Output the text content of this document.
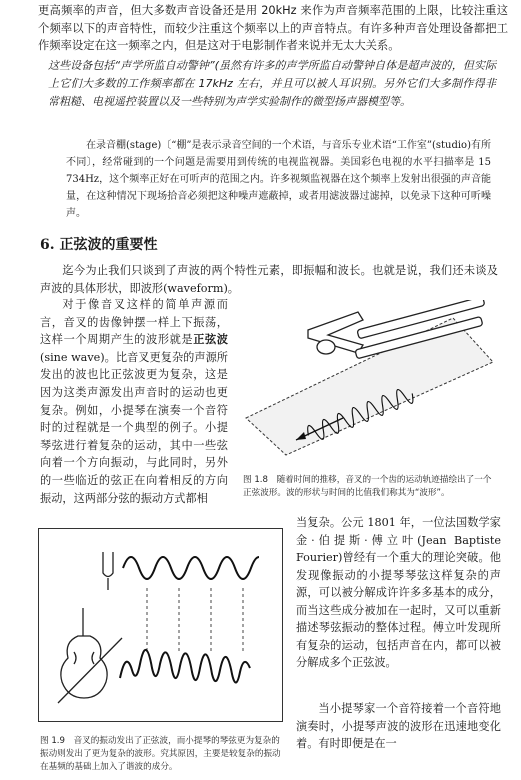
更高频率的声音，但大多数声音设备还是用 20kHz 来作为声音频率范围的上限，比较注重这个频率以下的声音特性，而较少注重这个频率以上的声音特点。有许多种声音处理设备都把工作频率设定在这一频率之内，但是这对于电影制作者来说并无太大关系。

这些设备包括“声学所监自动警钟”(虽然有许多的声学所监自动警钟自体是超声波的，但实际上它们大多数的工作频率都在 17kHz 左右，并且可以被人耳识别。另外它们大多制作得非常粗糙、电视遥控装置以及一些特别为声学实验制作的微型扬声器模型等。

在录音棚(stage)〔“棚”是表示录音空间的一个术语，与音乐专业术语“工作室”(studio)有所不同〕，经常碰到的一个问题是需要用到传统的电视监视器。美国彩色电视的水平扫描率是 15 734Hz，这个频率正好在可听声的范围之内。许多视频监视器在这个频率上发射出很强的声音能量，在这种情况下现场拾音必须把这种噪声遮蔽掉，或者用滤波器过滤掉，以免录下这种可听噪声。

6. 正弦波的重要性

迄今为止我们只谈到了声波的两个特性元素，即振幅和波长。也就是说，我们还未谈及声波的具体形状，即波形(waveform)。

对于像音叉这样的简单声源而言，音叉的齿像钟摆一样上下振荡，这样一个周期产生的波形就是正弦波(sine wave)。比音叉更复杂的声源所发出的波也比正弦波更为复杂，这是因为这类声源发出声音时的运动也更复杂。例如，小提琴在演奏一个音符时的过程就是一个典型的例子。小提琴弦进行着复杂的运动，其中一些弦向着一个方向振动，与此同时，另外的一些临近的弦正在向着相反的方向振动，这两部分弦的振动方式都相

图 1.8　随着时间的推移，音叉的一个齿的运动轨迹描绘出了一个正弦波形。波的形状与时间的比值我们称其为“波形”。

图 1.9　音叉的振动发出了正弦波，而小提琴的琴弦更为复杂的振动则发出了更为复杂的波形。究其原因，主要是较复杂的振动在基频的基础上加入了谐波的成分。

当复杂。公元 1801 年，一位法国数学家金·伯提斯·傅立叶(Jean Baptiste Fourier)曾经有一个重大的理论突破。他发现像振动的小提琴琴弦这样复杂的声源，可以被分解成许许多多基本的成分，而当这些成分被加在一起时，又可以重新描述琴弦振动的整体过程。傅立叶发现所有复杂的运动，包括声音在内，都可以被分解成多个正弦波。

当小提琴家一个音符接着一个音符地演奏时，小提琴声波的波形在迅速地变化着。有时即便是在一
